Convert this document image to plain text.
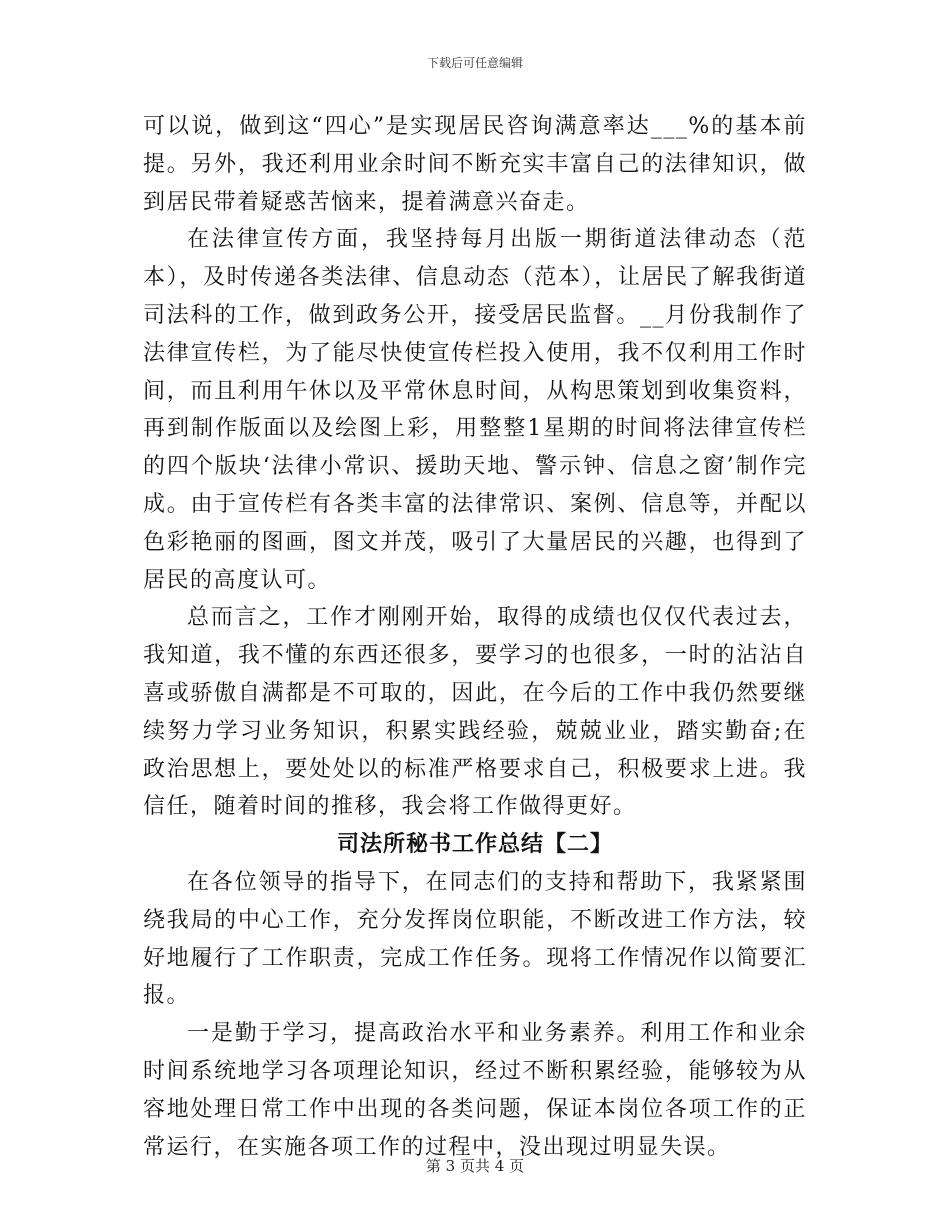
下载后可任意编辑

可以说，做到这“四心”是实现居民咨询满意率达___%的基本前提。另外，我还利用业余时间不断充实丰富自己的法律知识，做到居民带着疑惑苦恼来，提着满意兴奋走。

在法律宣传方面，我坚持每月出版一期街道法律动态（范本），及时传递各类法律、信息动态（范本），让居民了解我街道司法科的工作，做到政务公开，接受居民监督。__月份我制作了法律宣传栏，为了能尽快使宣传栏投入使用，我不仅利用工作时间，而且利用午休以及平常休息时间，从构思策划到收集资料，再到制作版面以及绘图上彩，用整整1星期的时间将法律宣传栏的四个版块‘法律小常识、援助天地、警示钟、信息之窗’制作完成。由于宣传栏有各类丰富的法律常识、案例、信息等，并配以色彩艳丽的图画，图文并茂，吸引了大量居民的兴趣，也得到了居民的高度认可。

总而言之，工作才刚刚开始，取得的成绩也仅仅代表过去，我知道，我不懂的东西还很多，要学习的也很多，一时的沾沾自喜或骄傲自满都是不可取的，因此，在今后的工作中我仍然要继续努力学习业务知识，积累实践经验，兢兢业业，踏实勤奋;在政治思想上，要处处以的标准严格要求自己，积极要求上进。我信任，随着时间的推移，我会将工作做得更好。

司法所秘书工作总结【二】

在各位领导的指导下，在同志们的支持和帮助下，我紧紧围绕我局的中心工作，充分发挥岗位职能，不断改进工作方法，较好地履行了工作职责，完成工作任务。现将工作情况作以简要汇报。

一是勤于学习，提高政治水平和业务素养。利用工作和业余时间系统地学习各项理论知识，经过不断积累经验，能够较为从容地处理日常工作中出现的各类问题，保证本岗位各项工作的正常运行，在实施各项工作的过程中，没出现过明显失误。

第 3 页共 4 页
